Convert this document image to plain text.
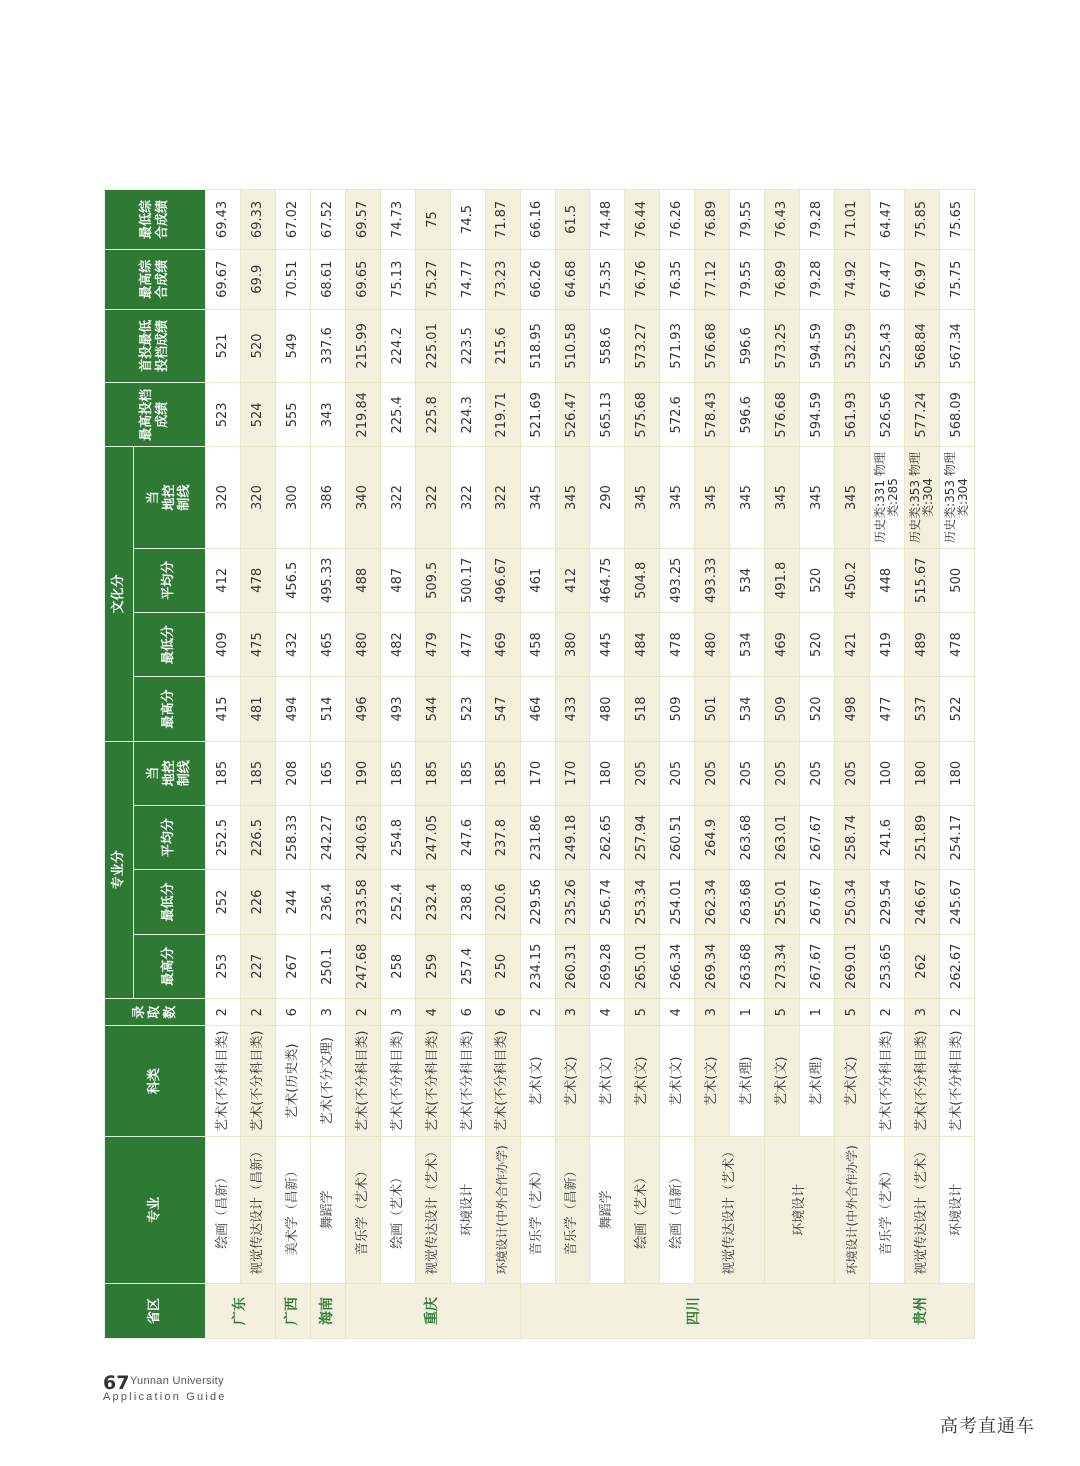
省区	专业	科类	录取数	专业分				文化分				最高投档成绩	首投最低投档成绩	最高综合成绩	最低综合成绩
				最高分	最低分	平均分	当 地控制线	最高分	最低分	平均分	当 地控制线				
广东	绘画（昌新）	艺术(不分科目类)	2	253	252	252.5	185	415	409	412	320	523	521	69.67	69.43
	视觉传达设计（昌新）	艺术(不分科目类)	2	227	226	226.5	185	481	475	478	320	524	520	69.9	69.33
广西	美术学（昌新）	艺术(历史类)	6	267	244	258.33	208	494	432	456.5	300	555	549	70.51	67.02
海南	舞蹈学	艺术(不分文理)	3	250.1	236.4	242.27	165	514	465	495.33	386	343	337.6	68.61	67.52
重庆	音乐学（艺术）	艺术(不分科目类)	2	247.68	233.58	240.63	190	496	480	488	340	219.84	215.99	69.65	69.57
	绘画（艺术）	艺术(不分科目类)	3	258	252.4	254.8	185	493	482	487	322	225.4	224.2	75.13	74.73
	视觉传达设计（艺术）	艺术(不分科目类)	4	259	232.4	247.05	185	544	479	509.5	322	225.8	225.01	75.27	75
	环境设计	艺术(不分科目类)	6	257.4	238.8	247.6	185	523	477	500.17	322	224.3	223.5	74.77	74.5
	环境设计(中外合作办学)	艺术(不分科目类)	6	250	220.6	237.8	185	547	469	496.67	322	219.71	215.6	73.23	71.87
四川	音乐学（艺术）	艺术(文)	2	234.15	229.56	231.86	170	464	458	461	345	521.69	518.95	66.26	66.16
	音乐学（昌新）	艺术(文)	3	260.31	235.26	249.18	170	433	380	412	345	526.47	510.58	64.68	61.5
	舞蹈学	艺术(文)	4	269.28	256.74	262.65	180	480	445	464.75	290	565.13	558.6	75.35	74.48
	绘画（艺术）	艺术(文)	5	265.01	253.34	257.94	205	518	484	504.8	345	575.68	573.27	76.76	76.44
	绘画（昌新）	艺术(文)	4	266.34	254.01	260.51	205	509	478	493.25	345	572.6	571.93	76.35	76.26
	视觉传达设计（艺术）	艺术(文)	3	269.34	262.34	264.9	205	501	480	493.33	345	578.43	576.68	77.12	76.89
		艺术(理)	1	263.68	263.68	263.68	205	534	534	534	345	596.6	596.6	79.55	79.55
	环境设计	艺术(文)	5	273.34	255.01	263.01	205	509	469	491.8	345	576.68	573.25	76.89	76.43
		艺术(理)	1	267.67	267.67	267.67	205	520	520	520	345	594.59	594.59	79.28	79.28
	环境设计(中外合作办学)	艺术(文)	5	269.01	250.34	258.74	205	498	421	450.2	345	561.93	532.59	74.92	71.01
贵州	音乐学（艺术）	艺术(不分科目类)	2	253.65	229.54	241.6	100	477	419	448	历史类:331 物理类:285	526.56	525.43	67.47	64.47
	视觉传达设计（艺术）	艺术(不分科目类)	3	262	246.67	251.89	180	537	489	515.67	历史类:353 物理类:304	577.24	568.84	76.97	75.85
	环境设计	艺术(不分科目类)	2	262.67	245.67	254.17	180	522	478	500	历史类:353 物理类:304	568.09	567.34	75.75	75.65
67 Yunnan University
Application Guide
高考直通车
